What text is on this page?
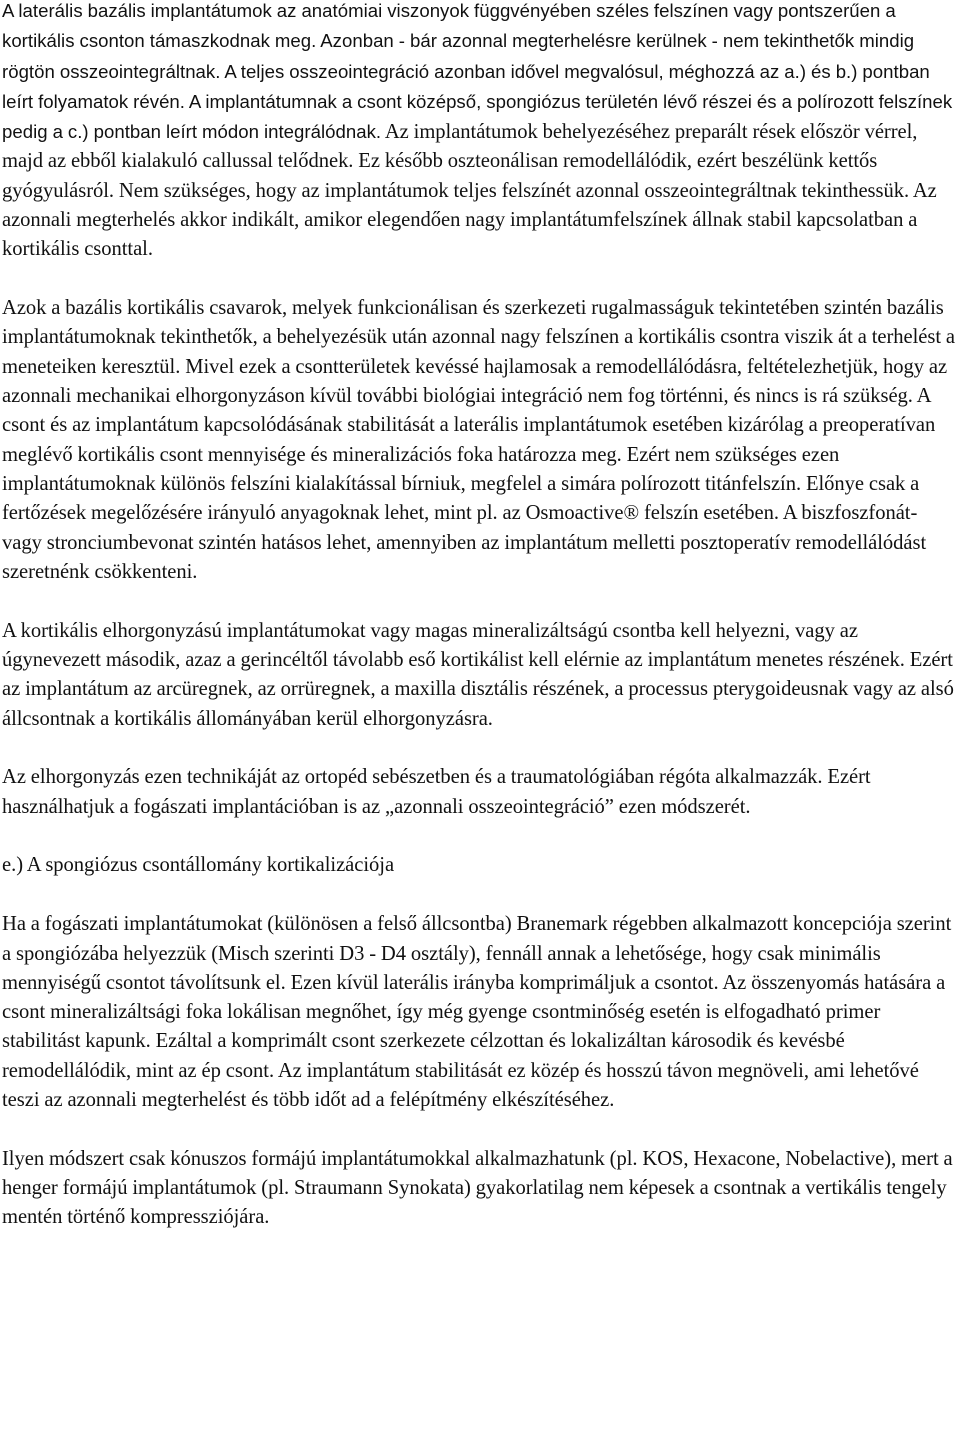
A laterális bazális implantátumok az anatómiai viszonyok függvényében széles felszínen vagy pontszerűen a kortikális csonton támaszkodnak meg. Azonban - bár azonnal megterhelésre kerülnek - nem tekinthetők mindig rögtön osszeointegráltnak. A teljes osszeointegráció azonban idővel megvalósul, méghozzá az a.) és b.) pontban leírt folyamatok révén. A implantátumnak a csont középső, spongiózus területén lévő részei és a polírozott felszínek pedig a c.) pontban leírt módon integrálódnak. Az implantátumok behelyezéséhez preparált rések először vérrel, majd az ebből kialakuló callussal telődnek. Ez később oszteonálisan remodellálódik, ezért beszélünk kettős gyógyulásról. Nem szükséges, hogy az implantátumok teljes felszínét azonnal osszeointegráltnak tekinthessük. Az azonnali megterhelés akkor indikált, amikor elegendően nagy implantátumfelszínek állnak stabil kapcsolatban a kortikális csonttal.

Azok a bazális kortikális csavarok, melyek funkcionálisan és szerkezeti rugalmasságuk tekintetében szintén bazális implantátumoknak tekinthetők, a behelyezésük után azonnal nagy felszínen a kortikális csontra viszik át a terhelést a meneteiken keresztül. Mivel ezek a csontterületek kevéssé hajlamosak a remodellálódásra, feltételezhetjük, hogy az azonnali mechanikai elhorgonyzáson kívül további biológiai integráció nem fog történni, és nincs is rá szükség. A csont és az implantátum kapcsolódásának stabilitását a laterális implantátumok esetében kizárólag a preoperatívan meglévő kortikális csont mennyisége és mineralizációs foka határozza meg. Ezért nem szükséges ezen implantátumoknak különös felszíni kialakítással bírniuk, megfelel a simára polírozott titánfelszín. Előnye csak a fertőzések megelőzésére irányuló anyagoknak lehet, mint pl. az Osmoactive® felszín esetében. A biszfoszfonát- vagy stronciumbevonat szintén hatásos lehet, amennyiben az implantátum melletti posztoperatív remodellálódást szeretnénk csökkenteni.

A kortikális elhorgonyzású implantátumokat vagy magas mineralizáltságú csontba kell helyezni, vagy az úgynevezett második, azaz a gerincéltől távolabb eső kortikálist kell elérnie az implantátum menetes részének. Ezért az implantátum az arcüregnek, az orrüregnek, a maxilla disztális részének, a processus pterygoideusnak vagy az alsó állcsontnak a kortikális állományában kerül elhorgonyzásra.

Az elhorgonyzás ezen technikáját az ortopéd sebészetben és a traumatológiában régóta alkalmazzák. Ezért használhatjuk a fogászati implantációban is az „azonnali osszeointegráció” ezen módszerét.

e.) A spongiózus csontállomány kortikalizációja

Ha a fogászati implantátumokat (különösen a felső állcsontba) Branemark régebben alkalmazott koncepciója szerint a spongiózába helyezzük (Misch szerinti D3 - D4 osztály), fennáll annak a lehetősége, hogy csak minimális mennyiségű csontot távolítsunk el. Ezen kívül laterális irányba komprimáljuk a csontot. Az összenyomás hatására a csont mineralizáltsági foka lokálisan megnőhet, így még gyenge csontminőség esetén is elfogadható primer stabilitást kapunk. Ezáltal a komprimált csont szerkezete célzottan és lokalizáltan károsodik és kevésbé remodellálódik, mint az ép csont. Az implantátum stabilitását ez közép és hosszú távon megnöveli, ami lehetővé teszi az azonnali megterhelést és több időt ad a felépítmény elkészítéséhez.

Ilyen módszert csak kónuszos formájú implantátumokkal alkalmazhatunk (pl. KOS, Hexacone, Nobelactive), mert a henger formájú implantátumok (pl. Straumann Synokata) gyakorlatilag nem képesek a csontnak a vertikális tengely mentén történő kompressziójára.
